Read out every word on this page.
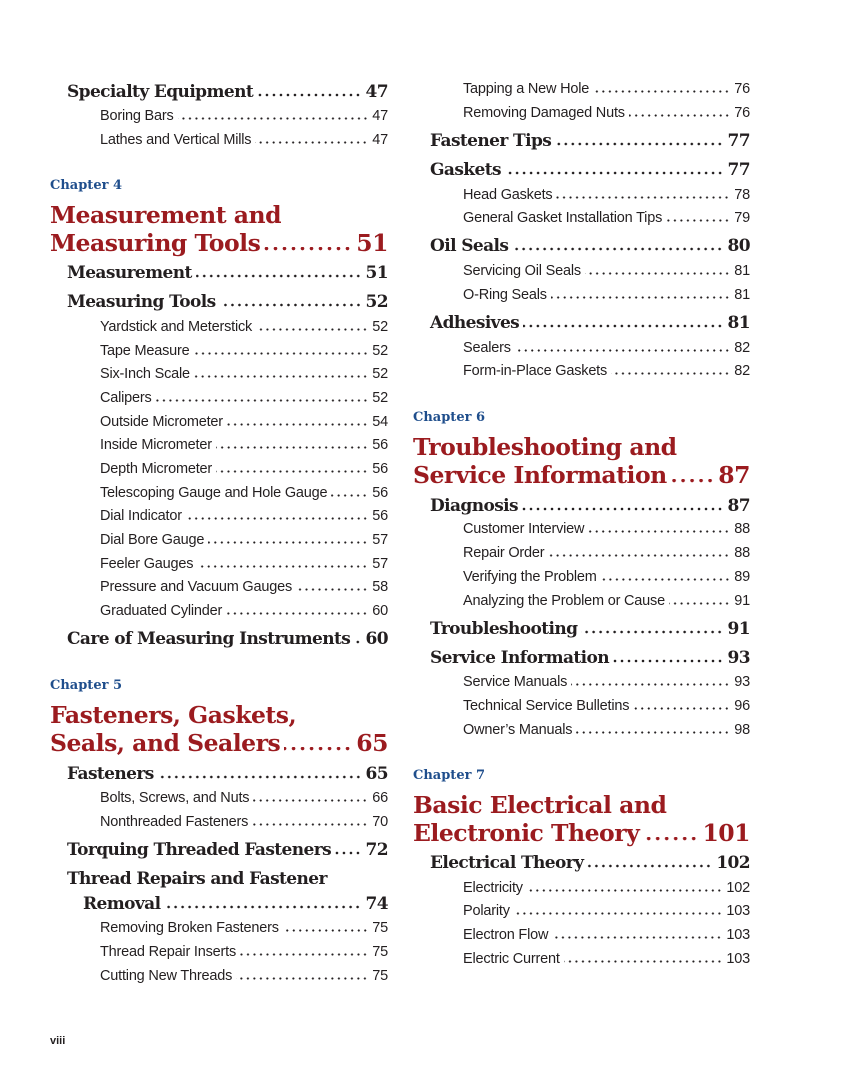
Specialty Equipment	47
Boring Bars	47
Lathes and Vertical Mills	47
Chapter 4
Measurement and
Measuring Tools	51
Measurement	51
Measuring Tools	52
Yardstick and Meterstick	52
Tape Measure	52
Six-Inch Scale	52
Calipers	52
Outside Micrometer	54
Inside Micrometer	56
Depth Micrometer	56
Telescoping Gauge and Hole Gauge	56
Dial Indicator	56
Dial Bore Gauge	57
Feeler Gauges	57
Pressure and Vacuum Gauges	58
Graduated Cylinder	60
Care of Measuring Instruments 60
Chapter 5
Fasteners, Gaskets,
Seals, and Sealers	65
Fasteners	65
Bolts, Screws, and Nuts	66
Nonthreaded Fasteners	70
Torquing Threaded Fasteners 72
Thread Repairs and Fastener
Removal	74
Removing Broken Fasteners	75
Thread Repair Inserts	75
Cutting New Threads	75
Tapping a New Hole	76
Removing Damaged Nuts	76
Fastener Tips	77
Gaskets	77
Head Gaskets	78
General Gasket Installation Tips	79
Oil Seals	80
Servicing Oil Seals	81
O-Ring Seals	81
Adhesives	81
Sealers	82
Form-in-Place Gaskets	82
Chapter 6
Troubleshooting and
Service Information 87
Diagnosis	87
Customer Interview	88
Repair Order	88
Verifying the Problem	89
Analyzing the Problem or Cause	91
Troubleshooting	91
Service Information	93
Service Manuals	93
Technical Service Bulletins	96
Owner’s Manuals	98
Chapter 7
Basic Electrical and
Electronic Theory	101
Electrical Theory	102
Electricity	102
Polarity	103
Electron Flow	103
Electric Current	103
viii
